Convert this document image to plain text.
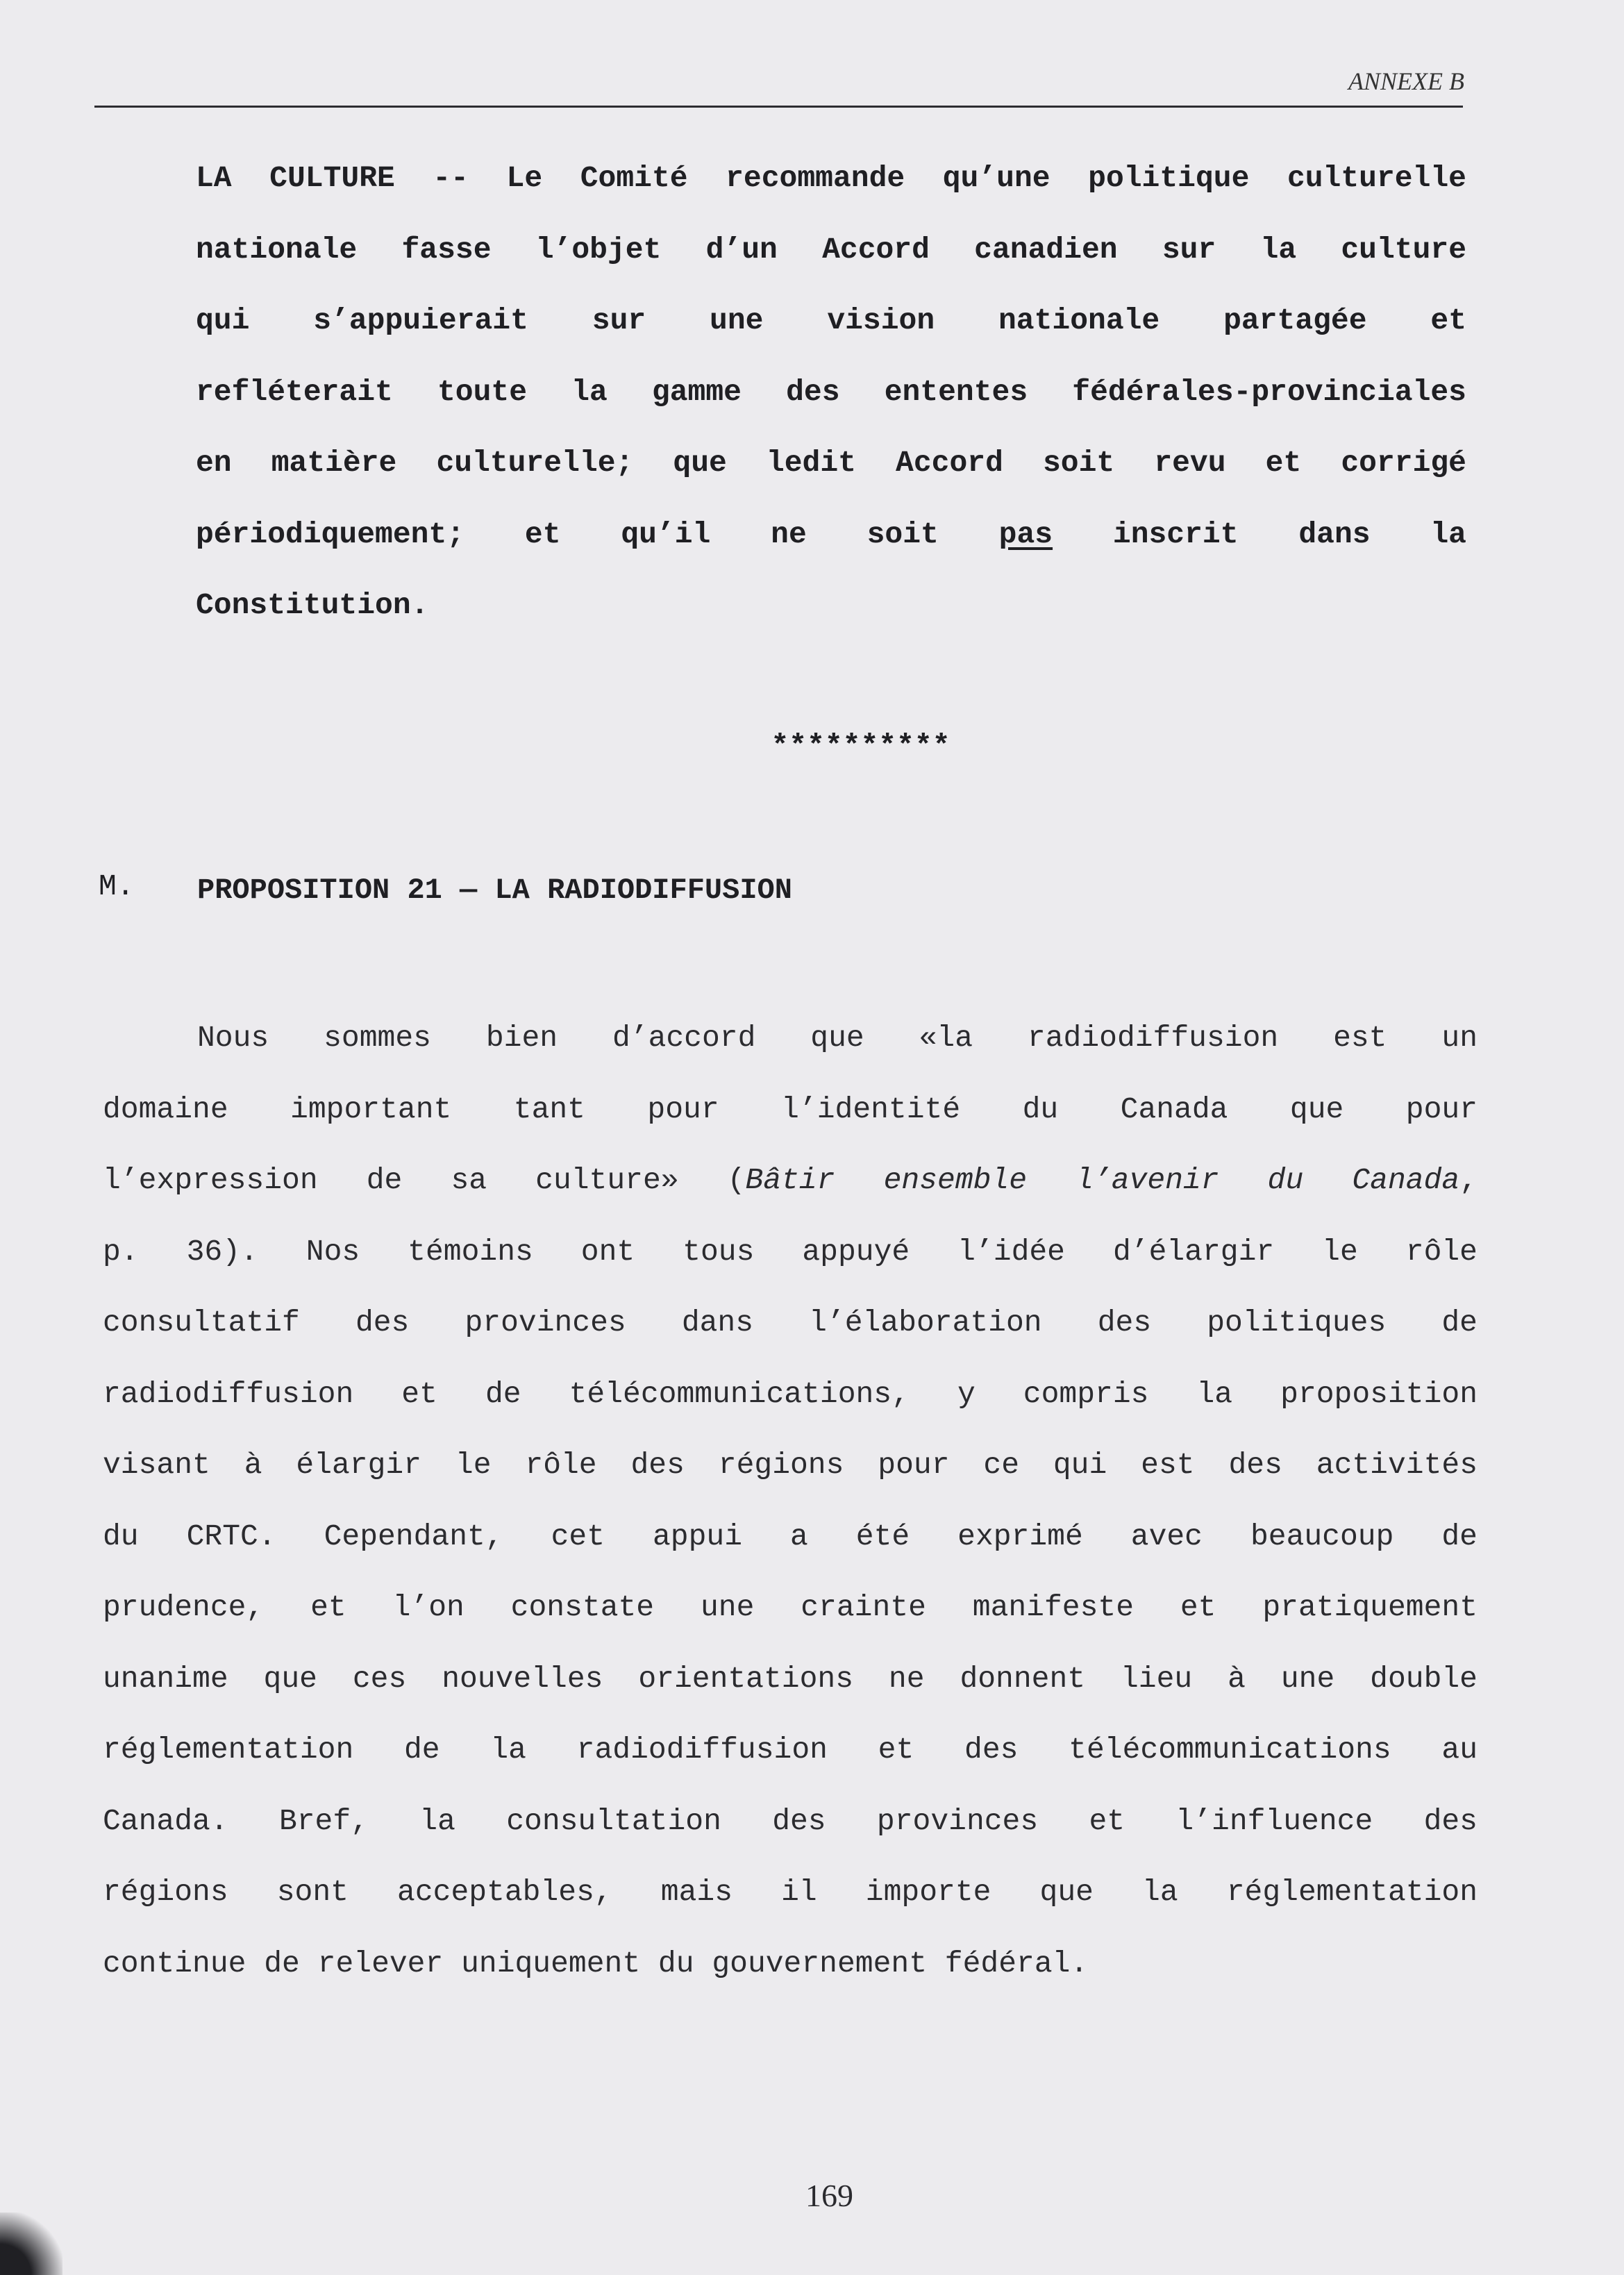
ANNEXE B
LA CULTURE -- Le Comité recommande qu’une politique culturelle
nationale fasse l’objet d’un Accord canadien sur la culture
qui s’appuierait sur une vision nationale partagée et
refléterait toute la gamme des ententes fédérales-provinciales
en matière culturelle; que ledit Accord soit revu et corrigé
périodiquement; et qu’il ne soit pas inscrit dans la
Constitution.
**********
M. PROPOSITION 21 — LA RADIODIFFUSION
Nous sommes bien d’accord que «la radiodiffusion est un
domaine important tant pour l’identité du Canada que pour
l’expression de sa culture» (Bâtir ensemble l’avenir du Canada,
p. 36). Nos témoins ont tous appuyé l’idée d’élargir le rôle
consultatif des provinces dans l’élaboration des politiques de
radiodiffusion et de télécommunications, y compris la proposition
visant à élargir le rôle des régions pour ce qui est des activités
du CRTC. Cependant, cet appui a été exprimé avec beaucoup de
prudence, et l’on constate une crainte manifeste et pratiquement
unanime que ces nouvelles orientations ne donnent lieu à une double
réglementation de la radiodiffusion et des télécommunications au
Canada. Bref, la consultation des provinces et l’influence des
régions sont acceptables, mais il importe que la réglementation
continue de relever uniquement du gouvernement fédéral.
169
